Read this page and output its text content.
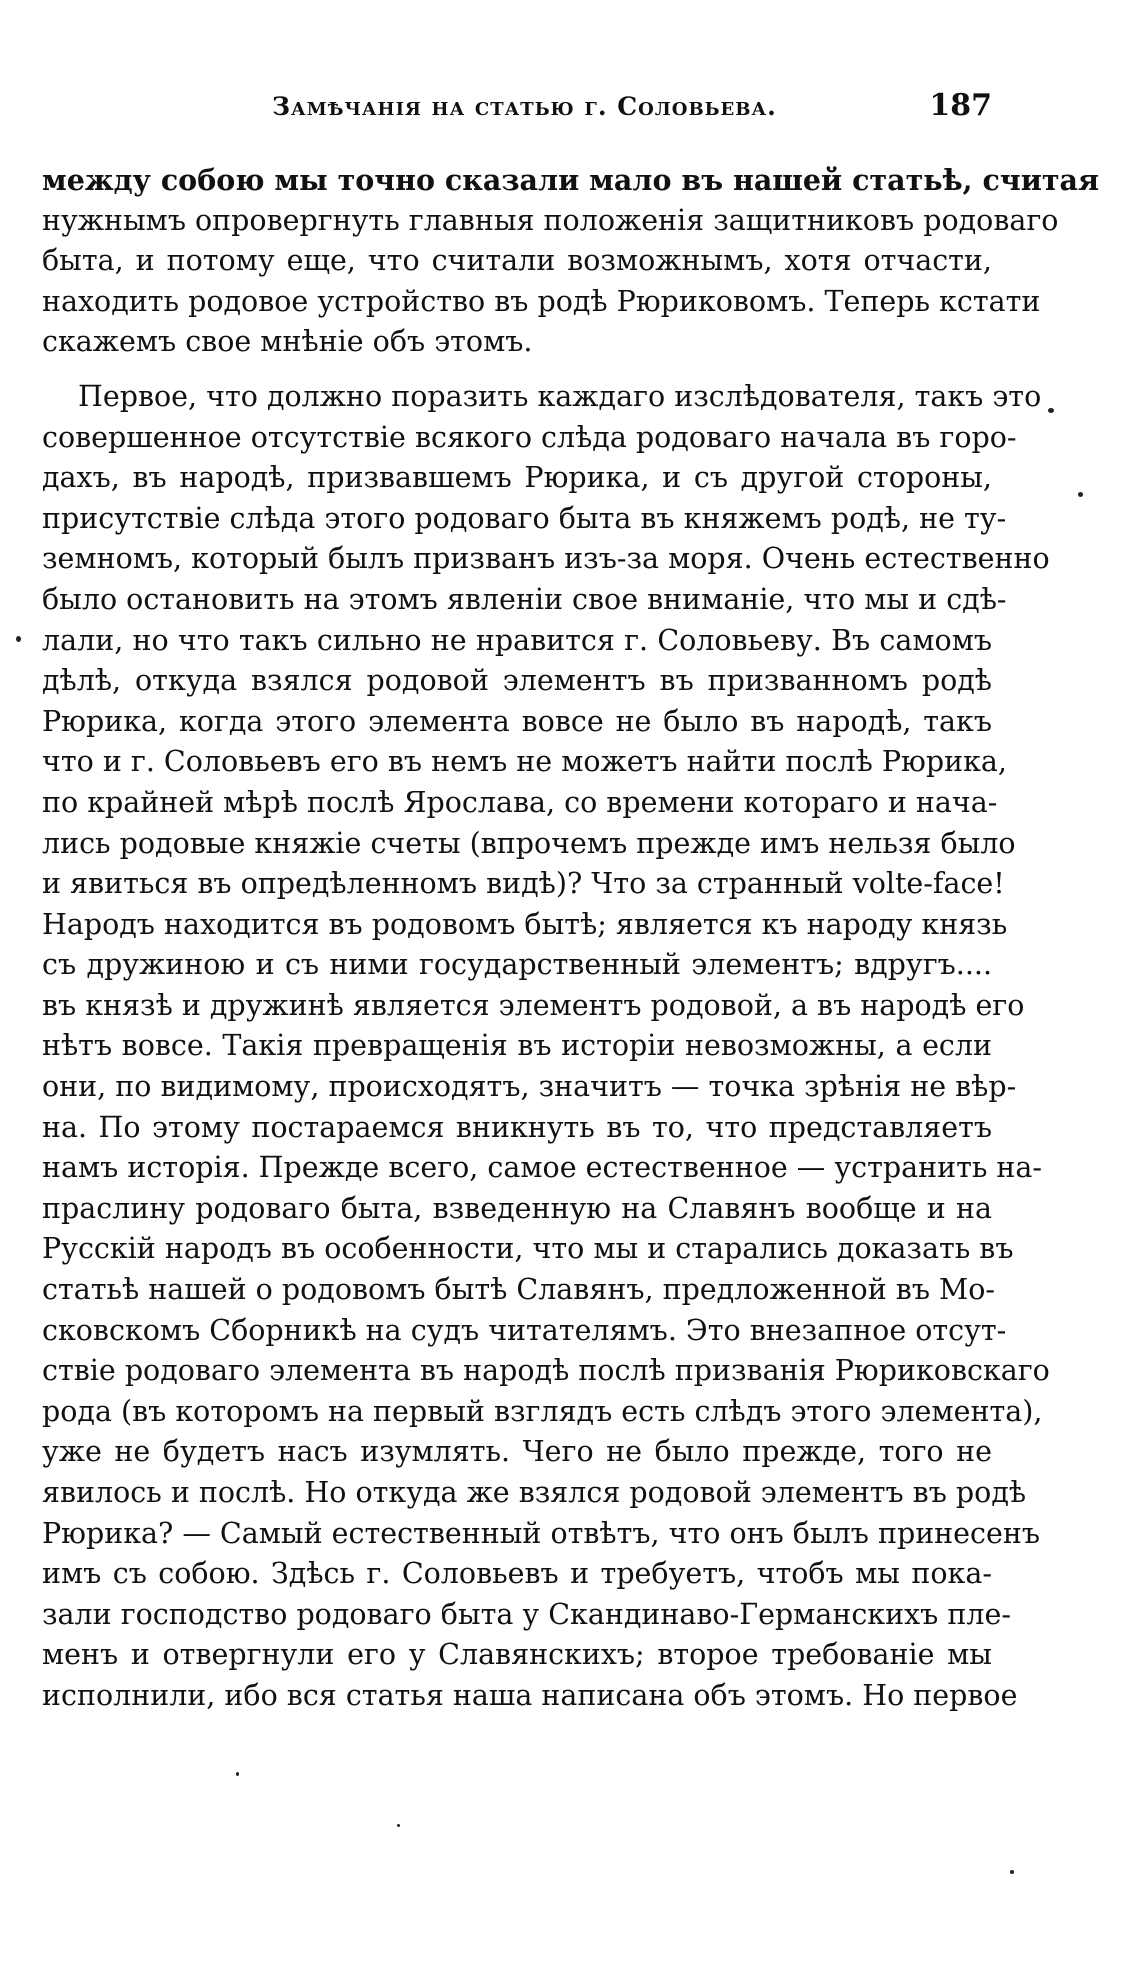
Замѣчанія на статью г. Соловьева.	187
между собою мы точно сказали мало въ нашей статьѣ, считая
нужнымъ опровергнуть главныя положенія защитниковъ родоваго
быта, и потому еще, что считали возможнымъ, хотя отчасти,
находить родовое устройство въ родѣ Рюриковомъ. Теперь кстати
скажемъ свое мнѣніе объ этомъ.
Первое, что должно поразить каждаго изслѣдователя, такъ это
совершенное отсутствіе всякого слѣда родоваго начала въ горо-
дахъ, въ народѣ, призвавшемъ Рюрика, и съ другой стороны,
присутствіе слѣда этого родоваго быта въ княжемъ родѣ, не ту-
земномъ, который былъ призванъ изъ-за моря. Очень естественно
было остановить на этомъ явленіи свое вниманіе, что мы и сдѣ-
лали, но что такъ сильно не нравится г. Соловьеву. Въ самомъ
дѣлѣ, откуда взялся родовой элементъ въ призванномъ родѣ
Рюрика, когда этого элемента вовсе не было въ народѣ, такъ
что и г. Соловьевъ его въ немъ не можетъ найти послѣ Рюрика,
по крайней мѣрѣ послѣ Ярослава, со времени котораго и нача-
лись родовые княжіе счеты (впрочемъ прежде имъ нельзя было
и явиться въ опредѣленномъ видѣ)? Что за странный volte-face!
Народъ находится въ родовомъ бытѣ; является къ народу князь
съ дружиною и съ ними государственный элементъ; вдругъ....
въ князѣ и дружинѣ является элементъ родовой, а въ народѣ его
нѣтъ вовсе. Такія превращенія въ исторіи невозможны, а если
они, по видимому, происходятъ, значитъ — точка зрѣнія не вѣр-
на. По этому постараемся вникнуть въ то, что представляетъ
намъ исторія. Прежде всего, самое естественное — устранить на-
праслину родоваго быта, взведенную на Славянъ вообще и на
Русскій народъ въ особенности, что мы и старались доказать въ
статьѣ нашей о родовомъ бытѣ Славянъ, предложенной въ Мо-
сковскомъ Сборникѣ на судъ читателямъ. Это внезапное отсут-
ствіе родоваго элемента въ народѣ послѣ призванія Рюриковскаго
рода (въ которомъ на первый взглядъ есть слѣдъ этого элемента),
уже не будетъ насъ изумлять. Чего не было прежде, того не
явилось и послѣ. Но откуда же взялся родовой элементъ въ родѣ
Рюрика? — Самый естественный отвѣтъ, что онъ былъ принесенъ
имъ съ собою. Здѣсь г. Соловьевъ и требуетъ, чтобъ мы пока-
зали господство родоваго быта у Скандинаво-Германскихъ пле-
менъ и отвергнули его у Славянскихъ; второе требованіе мы
исполнили, ибо вся статья наша написана объ этомъ. Но первое
